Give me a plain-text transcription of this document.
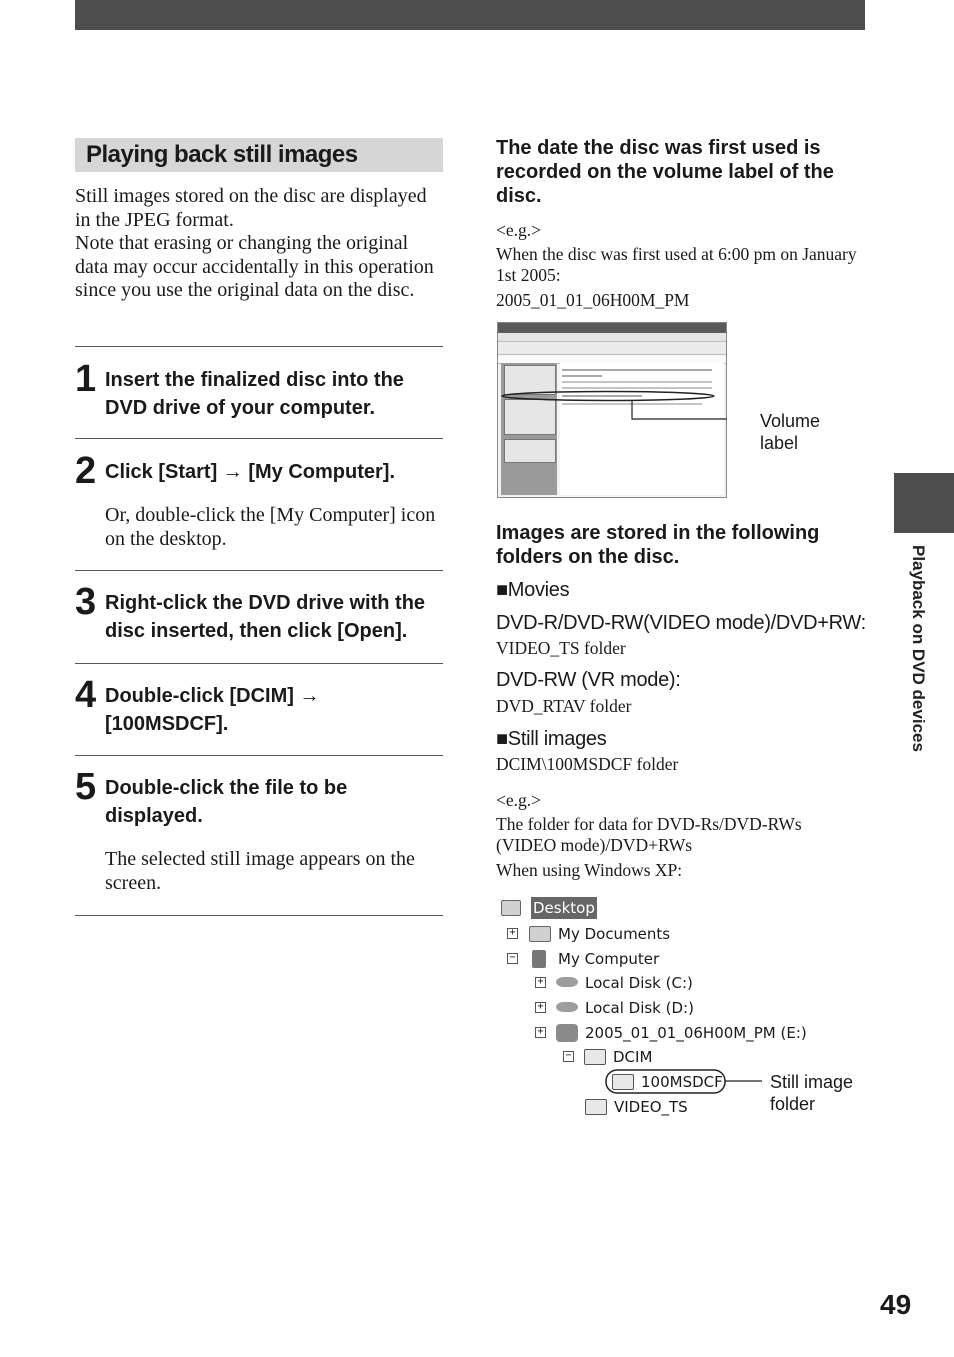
Playing back still images

Still images stored on the disc are displayed in the JPEG format.

Note that erasing or changing the original data may occur accidentally in this operation since you use the original data on the disc.

1 Insert the finalized disc into the DVD drive of your computer.
2 Click [Start] → [My Computer].
Or, double-click the [My Computer] icon on the desktop.
3 Right-click the DVD drive with the disc inserted, then click [Open].
4 Double-click [DCIM] → [100MSDCF].
5 Double-click the file to be displayed.
The selected still image appears on the screen.
The date the disc was first used is recorded on the volume label of the disc.
<e.g.>
When the disc was first used at 6:00 pm on January 1st 2005:
2005_01_01_06H00M_PM
Volume label
Images are stored in the following folders on the disc.
■Movies
DVD-R/DVD-RW(VIDEO mode)/DVD+RW:
VIDEO_TS folder
DVD-RW (VR mode):
DVD_RTAV folder
■Still images
DCIM\100MSDCF folder
<e.g.>
The folder for data for DVD-Rs/DVD-RWs (VIDEO mode)/DVD+RWs
When using Windows XP:
Desktop
+	My Documents
−	My Computer
+	Local Disk (C:)
+	Local Disk (D:)
+	2005_01_01_06H00M_PM (E:)
−	DCIM
100MSDCF
VIDEO_TS
Still image folder
Playback on DVD devices
49
